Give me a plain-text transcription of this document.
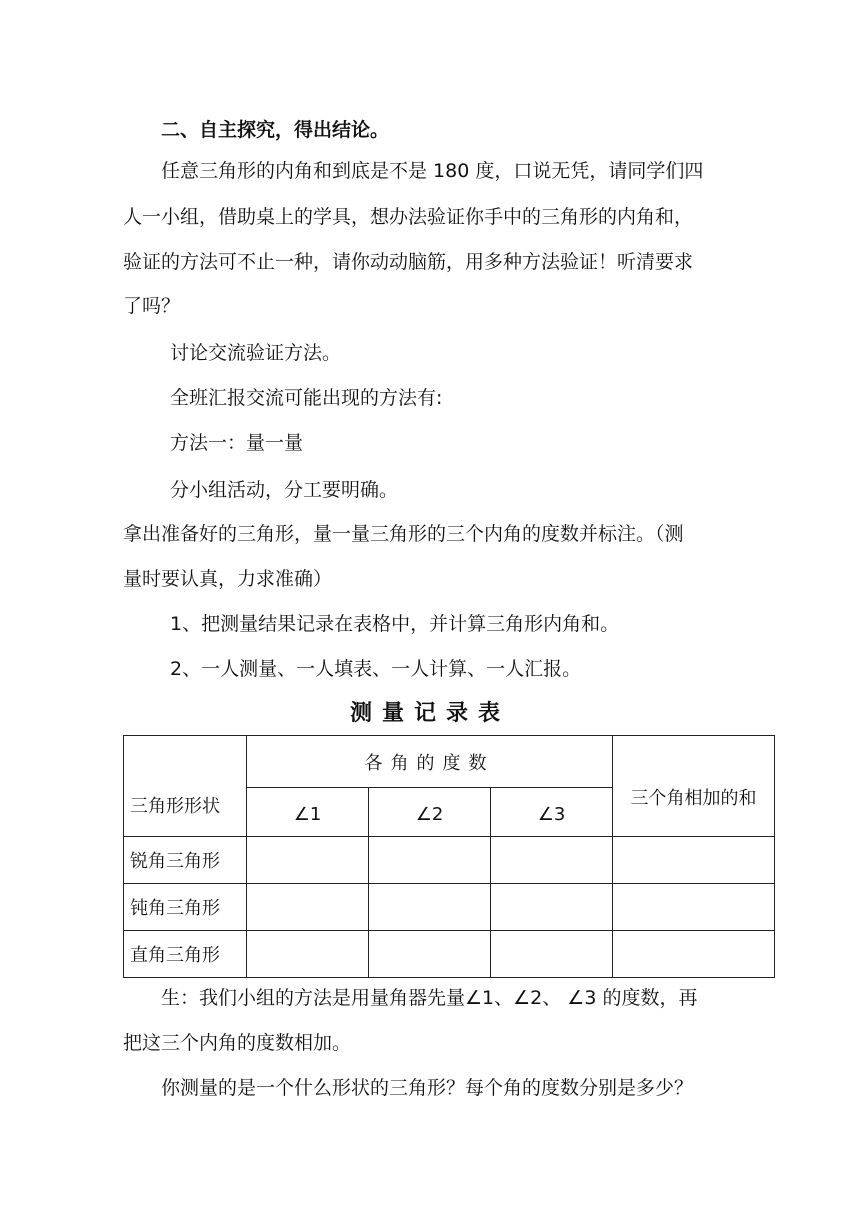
二、自主探究，得出结论。
任意三角形的内角和到底是不是 180 度，口说无凭，请同学们四
人一小组，借助桌上的学具，想办法验证你手中的三角形的内角和，
验证的方法可不止一种，请你动动脑筋，用多种方法验证！听清要求
了吗？
讨论交流验证方法。
全班汇报交流可能出现的方法有:
方法一：量一量
分小组活动，分工要明确。
拿出准备好的三角形，量一量三角形的三个内角的度数并标注。（测
量时要认真，力求准确）
1、把测量结果记录在表格中，并计算三角形内角和。
2、一人测量、一人填表、一人计算、一人汇报。
测量记录表
三角形形状	各角的度数			三个角相加的和
	∠1	∠2	∠3	
锐角三角形				
钝角三角形				
直角三角形				
生：我们小组的方法是用量角器先量∠1、∠2、 ∠3 的度数，再
把这三个内角的度数相加。
你测量的是一个什么形状的三角形？每个角的度数分别是多少？
